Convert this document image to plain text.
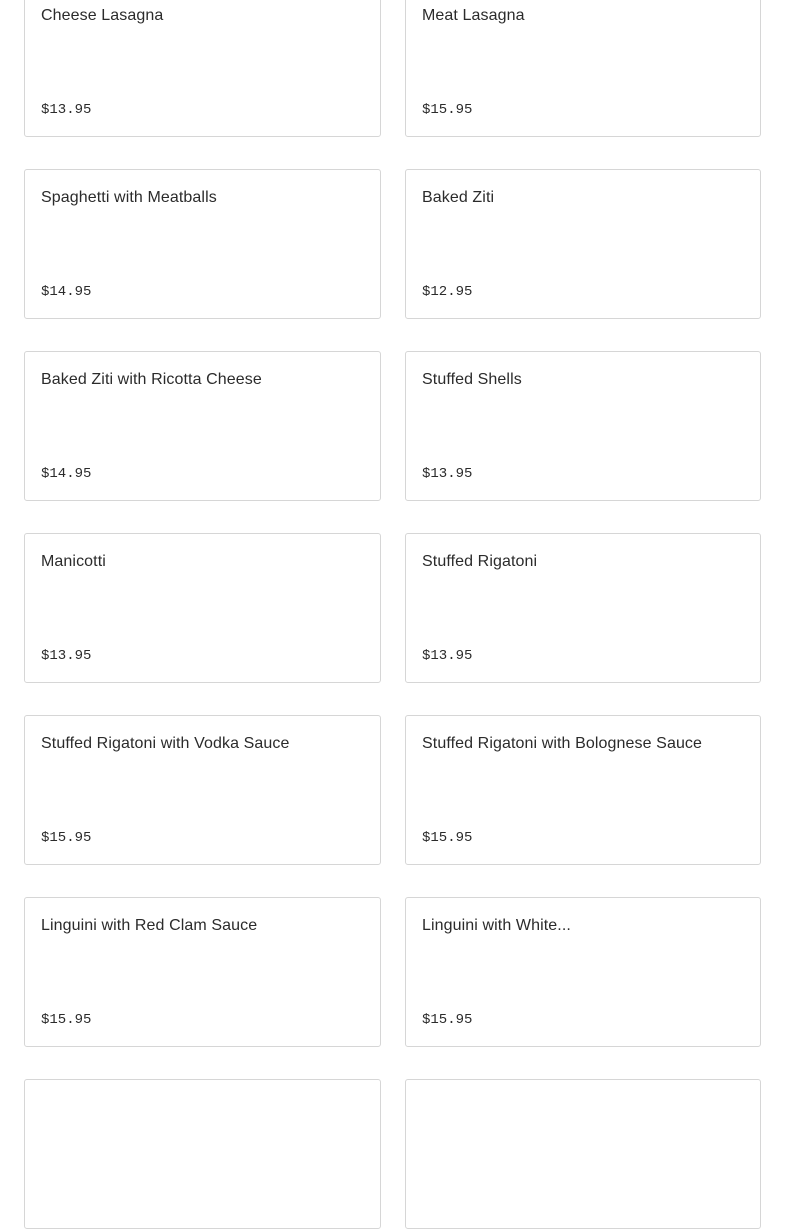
Cheese Lasagna
$13.95
Meat Lasagna
$15.95
Spaghetti with Meatballs
$14.95
Baked Ziti
$12.95
Baked Ziti with Ricotta Cheese
$14.95
Stuffed Shells
$13.95
Manicotti
$13.95
Stuffed Rigatoni
$13.95
Stuffed Rigatoni with Vodka Sauce
$15.95
Stuffed Rigatoni with Bolognese Sauce
$15.95
Linguini with Red Clam Sauce
$15.95
Linguini with White...
$15.95
